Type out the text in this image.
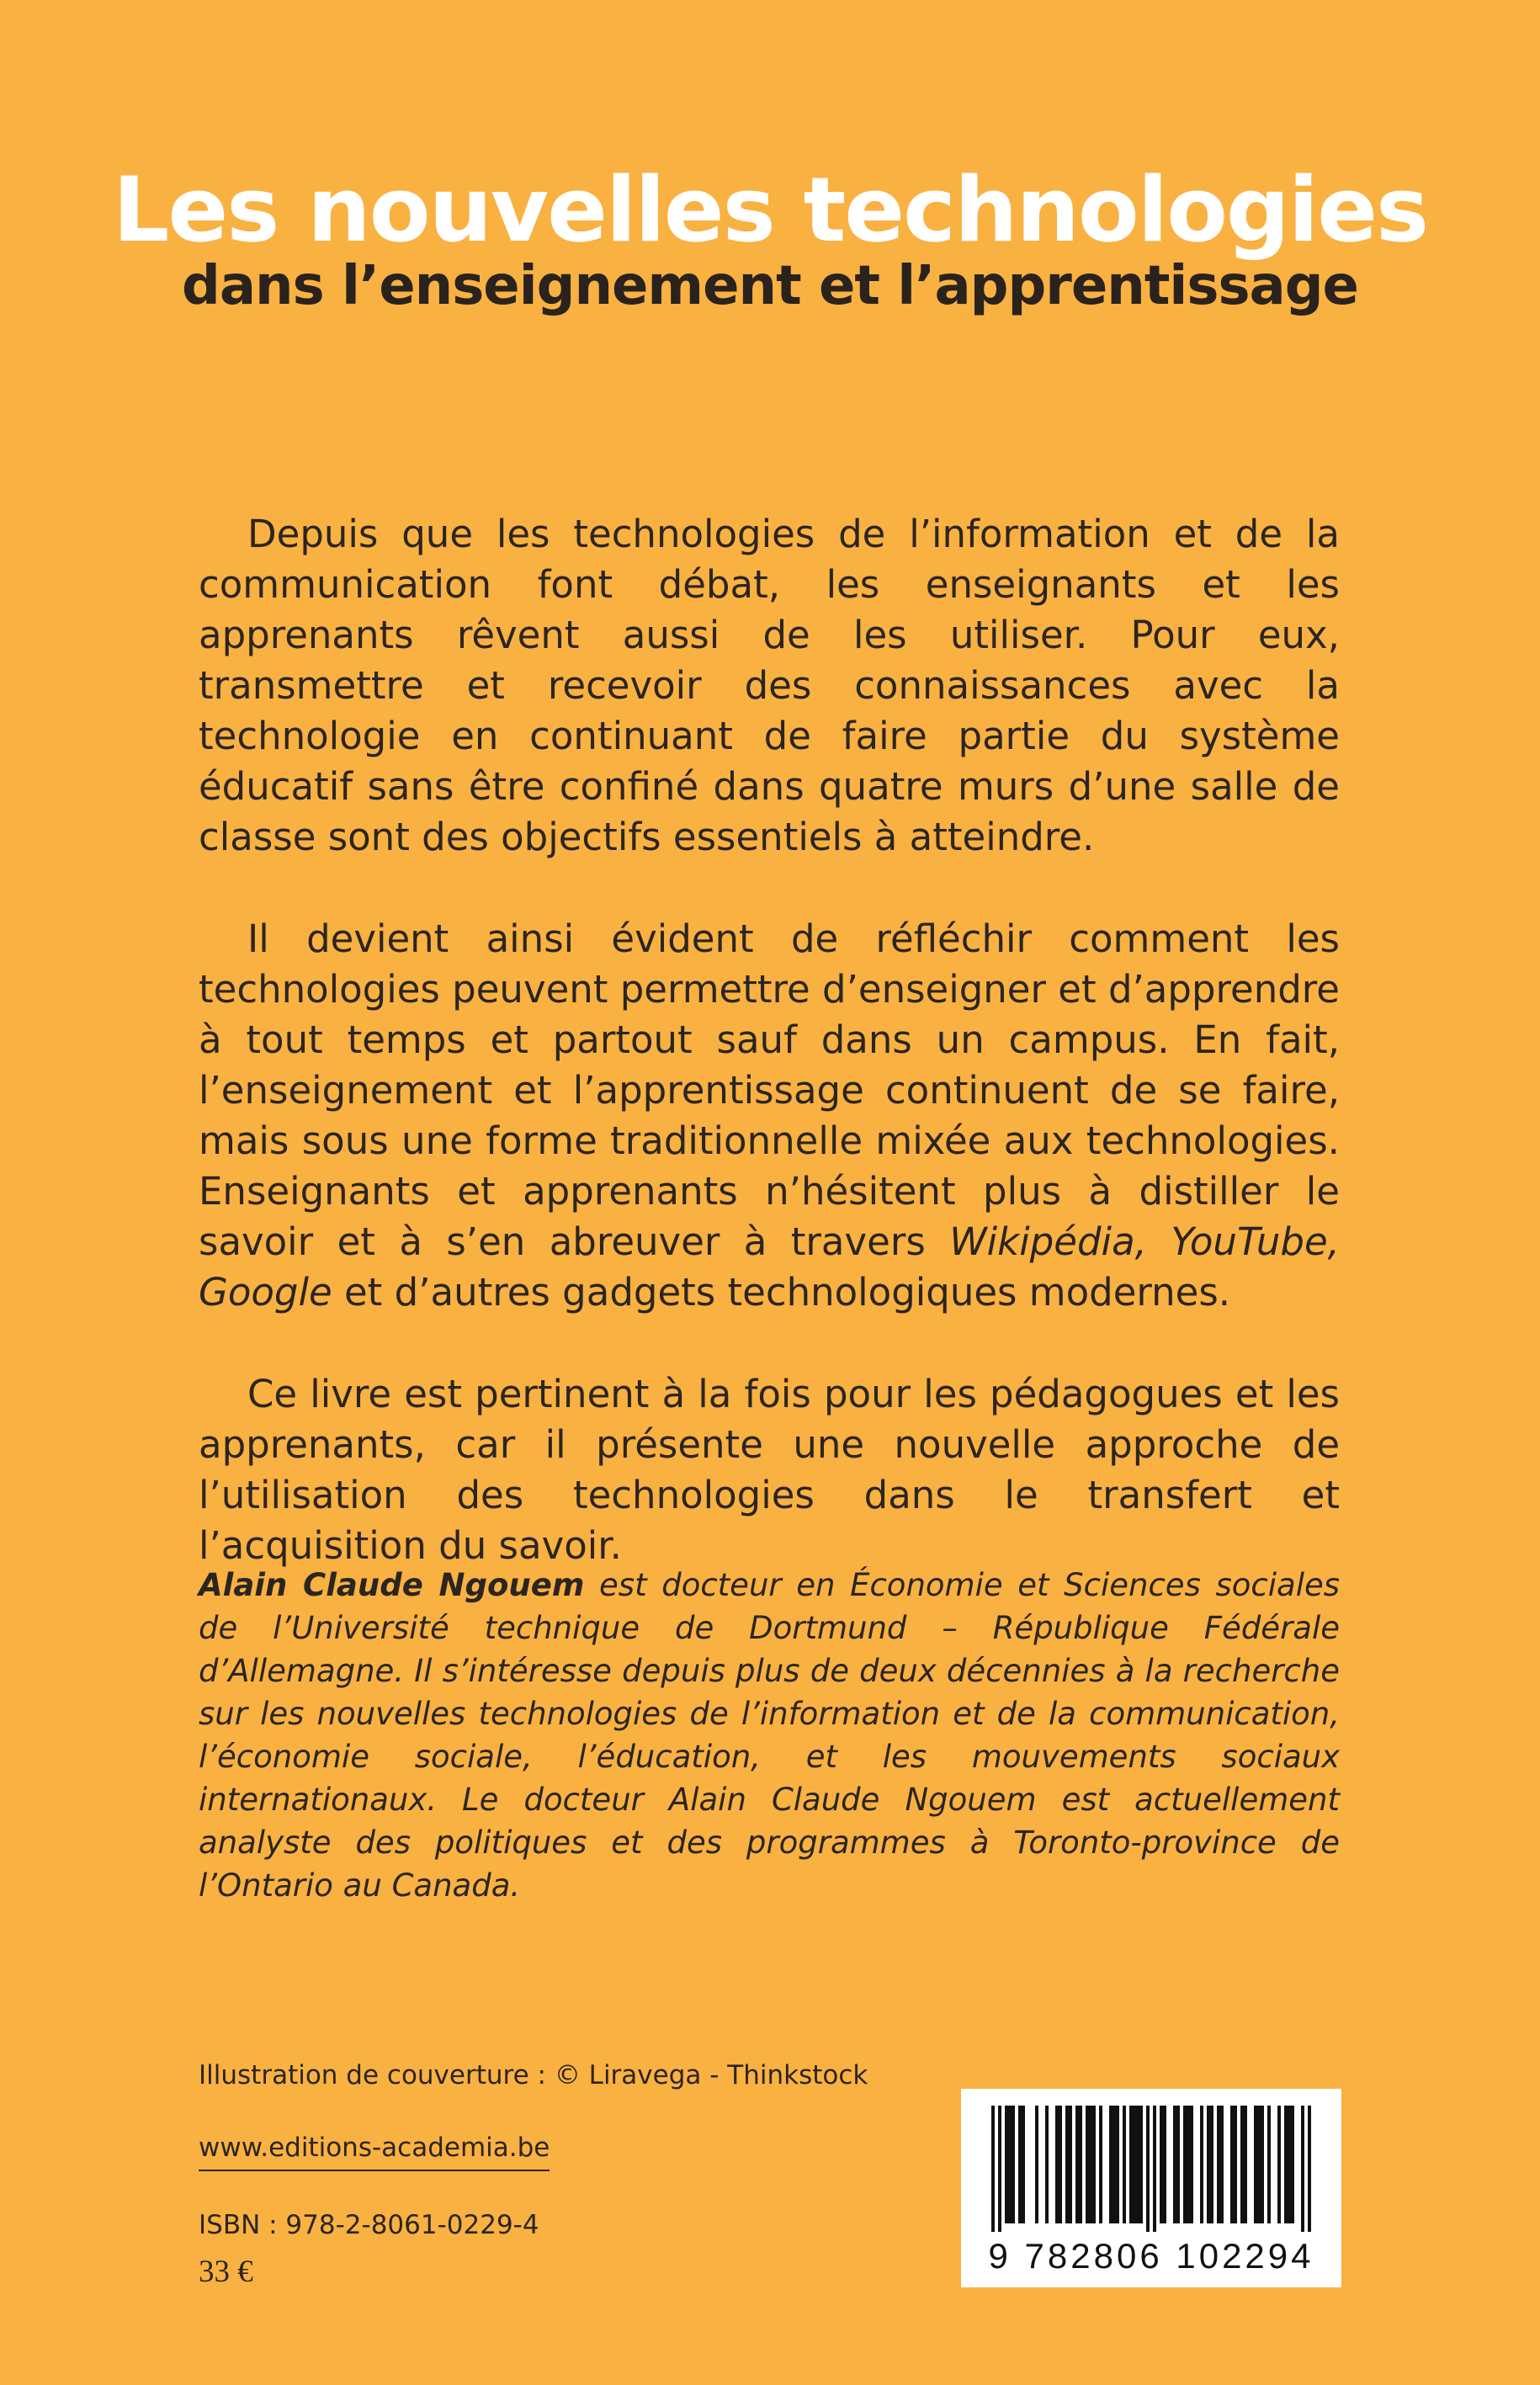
Les nouvelles technologies
dans l’enseignement et l’apprentissage

Depuis que les technologies de l’information et de la communication font débat, les enseignants et les apprenants rêvent aussi de les utiliser. Pour eux, transmettre et recevoir des connaissances avec la technologie en continuant de faire partie du système éducatif sans être confiné dans quatre murs d’une salle de classe sont des objectifs essentiels à atteindre.

Il devient ainsi évident de réfléchir comment les technologies peuvent permettre d’enseigner et d’apprendre à tout temps et partout sauf dans un campus. En fait, l’enseignement et l’apprentissage continuent de se faire, mais sous une forme traditionnelle mixée aux technologies. Enseignants et apprenants n’hésitent plus à distiller le savoir et à s’en abreuver à travers Wikipédia, YouTube, Google et d’autres gadgets technologiques modernes.

Ce livre est pertinent à la fois pour les pédagogues et les apprenants, car il présente une nouvelle approche de l’utilisation des technologies dans le transfert et l’acquisition du savoir.

Alain Claude Ngouem est docteur en Économie et Sciences sociales de l’Université technique de Dortmund – République Fédérale d’Allemagne. Il s’intéresse depuis plus de deux décennies à la recherche sur les nouvelles technologies de l’information et de la communication, l’économie sociale, l’éducation, et les mouvements sociaux internationaux. Le docteur Alain Claude Ngouem est actuellement analyste des politiques et des programmes à Toronto-province de l’Ontario au Canada.

Illustration de couverture : © Liravega - Thinkstock

www.editions-academia.be

ISBN : 978-2-8061-0229-4

33 €	9 782806 102294
